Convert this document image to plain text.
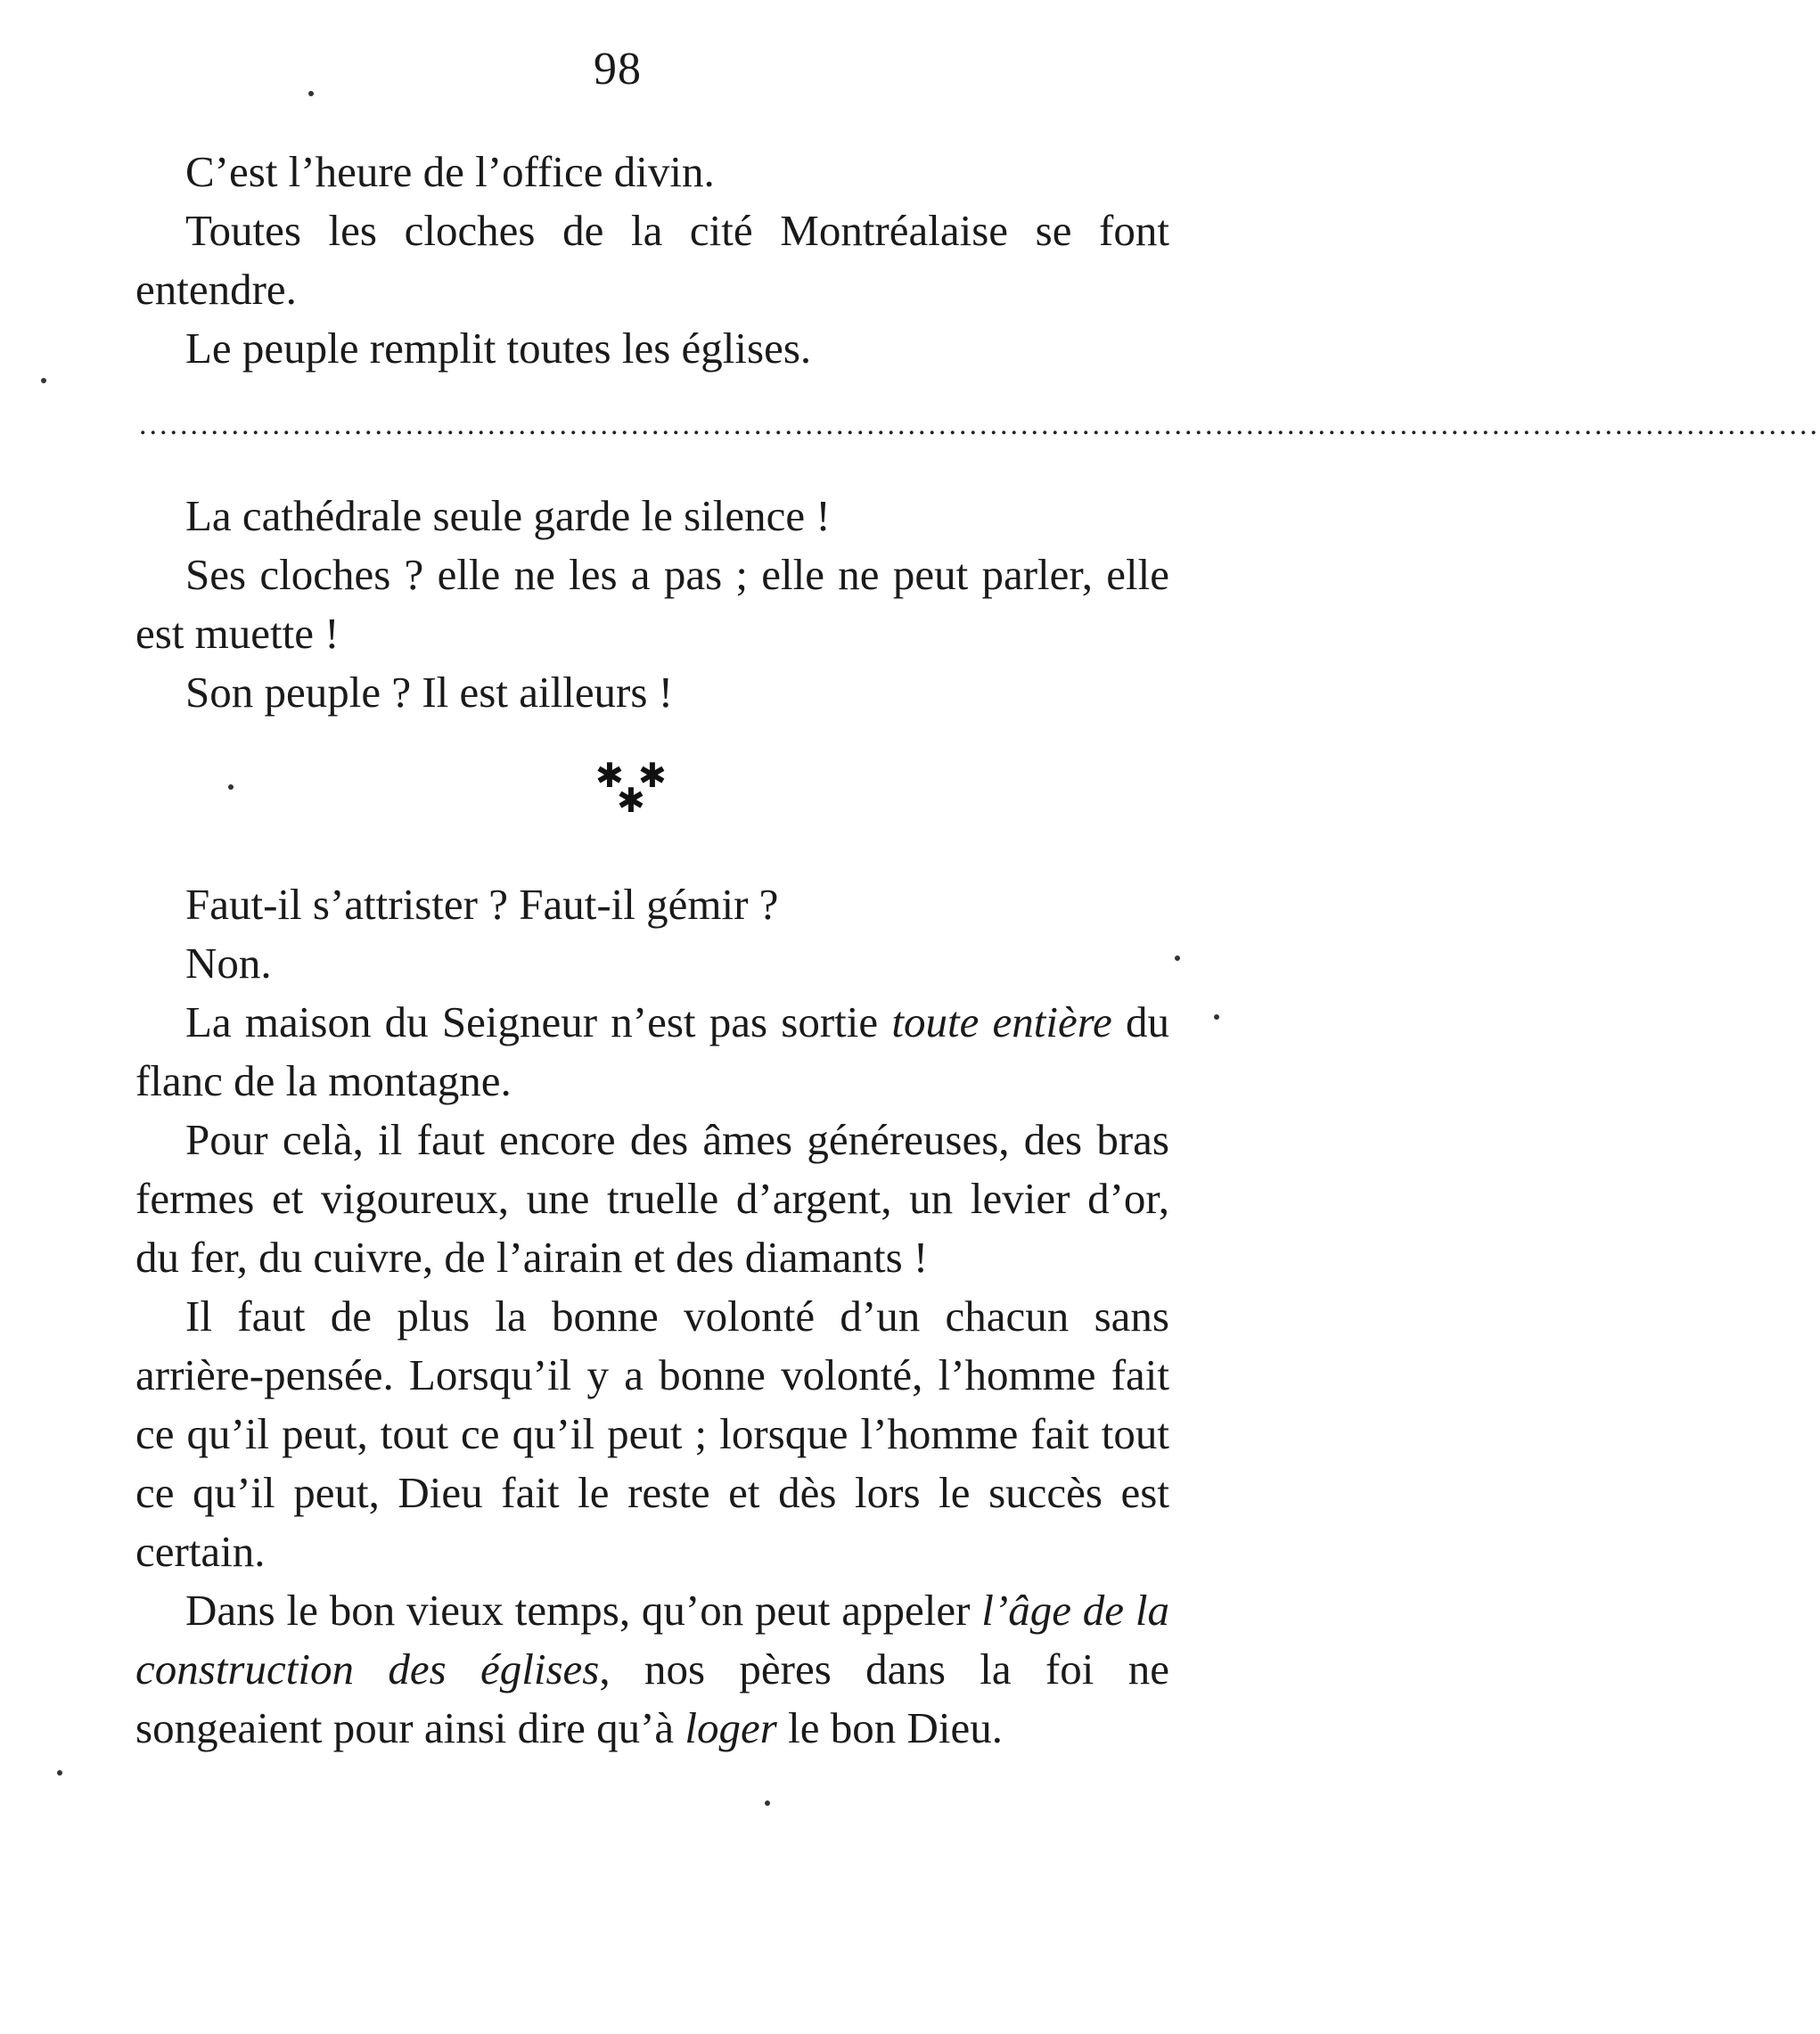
98

C’est l’heure de l’office divin.

Toutes les cloches de la cité Montréalaise se font entendre.

Le peuple remplit toutes les églises.

....................................................................................................................................................................

La cathédrale seule garde le silence !

Ses cloches ? elle ne les a pas ; elle ne peut parler, elle est muette !

Son peuple ? Il est ailleurs !

✱ ✱
✱

Faut-il s’attrister ? Faut-il gémir ?

Non.

La maison du Seigneur n’est pas sortie toute entière du flanc de la montagne.

Pour celà, il faut encore des âmes généreuses, des bras fermes et vigoureux, une truelle d’argent, un levier d’or, du fer, du cuivre, de l’airain et des diamants !

Il faut de plus la bonne volonté d’un chacun sans arrière-pensée. Lorsqu’il y a bonne volonté, l’homme fait ce qu’il peut, tout ce qu’il peut ; lorsque l’homme fait tout ce qu’il peut, Dieu fait le reste et dès lors le succès est certain.

Dans le bon vieux temps, qu’on peut appeler l’âge de la construction des églises, nos pères dans la foi ne songeaient pour ainsi dire qu’à loger le bon Dieu.
